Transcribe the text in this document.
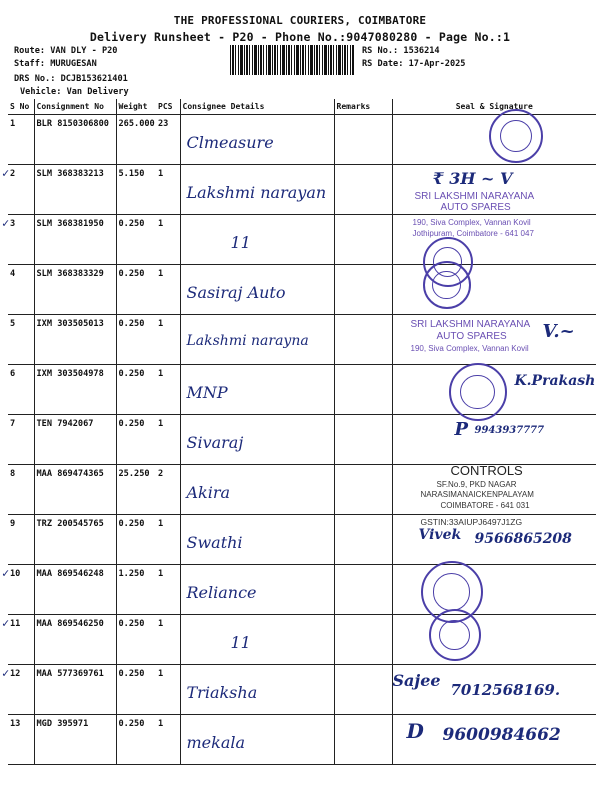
THE PROFESSIONAL COURIERS, COIMBATORE
Delivery Runsheet - P20 - Phone No.:9047080280 - Page No.:1
Route: VAN DLY - P20
Staff: MURUGESAN
DRS No.: DCJB153621401
Vehicle: Van Delivery
RS No.: 1536214
RS Date: 17-Apr-2025
S No	Consignment No	Weight	PCS	Consignee Details	Remarks	Seal & Signature
1	BLR 8150306800	265.000	23	Clmeasure		

✓ 2	SLM 368383213	5.150	1	Lakshmi narayan		₹ 3H ~ V
SRI LAKSHMI NARAYANA
AUTO SPARES

✓ 3	SLM 368381950	0.250	1	11		190, Siva Complex, Vannan Kovil
Jothipuram, Coimbatore - 641 047

4	SLM 368383329	0.250	1	Sasiraj Auto		

5	IXM 303505013	0.250	1	Lakshmi narayna		SRI LAKSHMI NARAYANA
AUTO SPARES
190, Siva Complex, Vannan Kovil
V.~

6	IXM 303504978	0.250	1	MNP		K.Prakash

7	TEN 7942067	0.250	1	Sivaraj		P 9943937777

8	MAA 869474365	25.250	2	Akira		CONTROLS
SF.No.9, PKD NAGAR
NARASIMANAICKENPALAYAM
COIMBATORE - 641 031

9	TRZ 200545765	0.250	1	Swathi		GSTIN:33AIUPJ6497J1ZG
Vivek 9566865208

✓ 10	MAA 869546248	1.250	1	Reliance		

✓ 11	MAA 869546250	0.250	1	11		

✓ 12	MAA 577369761	0.250	1	Triaksha		Sajee 7012568169.

13	MGD 395971	0.250	1	mekala		D 9600984662
